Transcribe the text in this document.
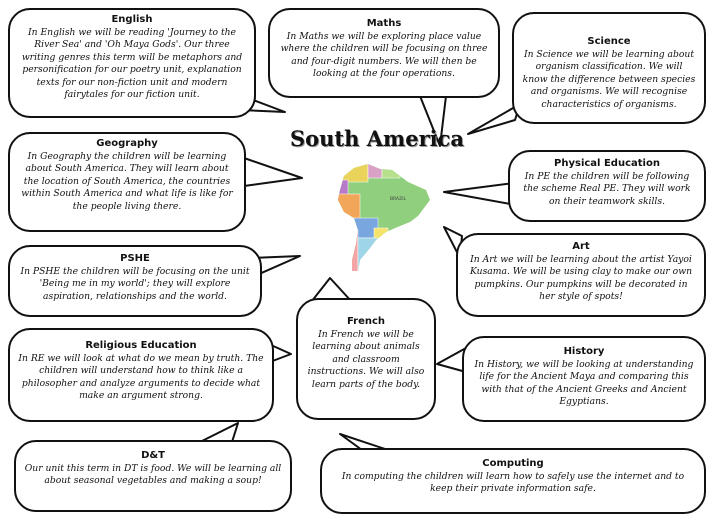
South America
BRAZIL
English
In English we will be reading 'Journey to the River Sea' and 'Oh Maya Gods'. Our three writing genres this term will be metaphors and personification for our poetry unit, explanation texts for our non-fiction unit and modern fairytales for our fiction unit.
Maths
In Maths we will be exploring place value where the children will be focusing on three and four-digit numbers. We will then be looking at the four operations.
Science
In Science we will be learning about organism classification. We will know the difference between species and organisms. We will recognise characteristics of organisms.
Geography
In Geography the children will be learning about South America. They will learn about the location of South America, the countries within South America and what life is like for the people living there.
Physical Education
In PE the children will be following the scheme Real PE. They will work on their teamwork skills.
Art
In Art we will be learning about the artist Yayoi Kusama. We will be using clay to make our own pumpkins. Our pumpkins will be decorated in her style of spots!
PSHE
In PSHE the children will be focusing on the unit 'Being me in my world'; they will explore aspiration, relationships and the world.
French
In French we will be learning about animals and classroom instructions. We will also learn parts of the body.
History
In History, we will be looking at understanding life for the Ancient Maya and comparing this with that of the Ancient Greeks and Ancient Egyptians.
Religious Education
In RE we will look at what do we mean by truth. The children will understand how to think like a philosopher and analyze arguments to decide what make an argument strong.
D&T
Our unit this term in DT is food. We will be learning all about seasonal vegetables and making a soup!
Computing
In computing the children will learn how to safely use the internet and to keep their private information safe.
